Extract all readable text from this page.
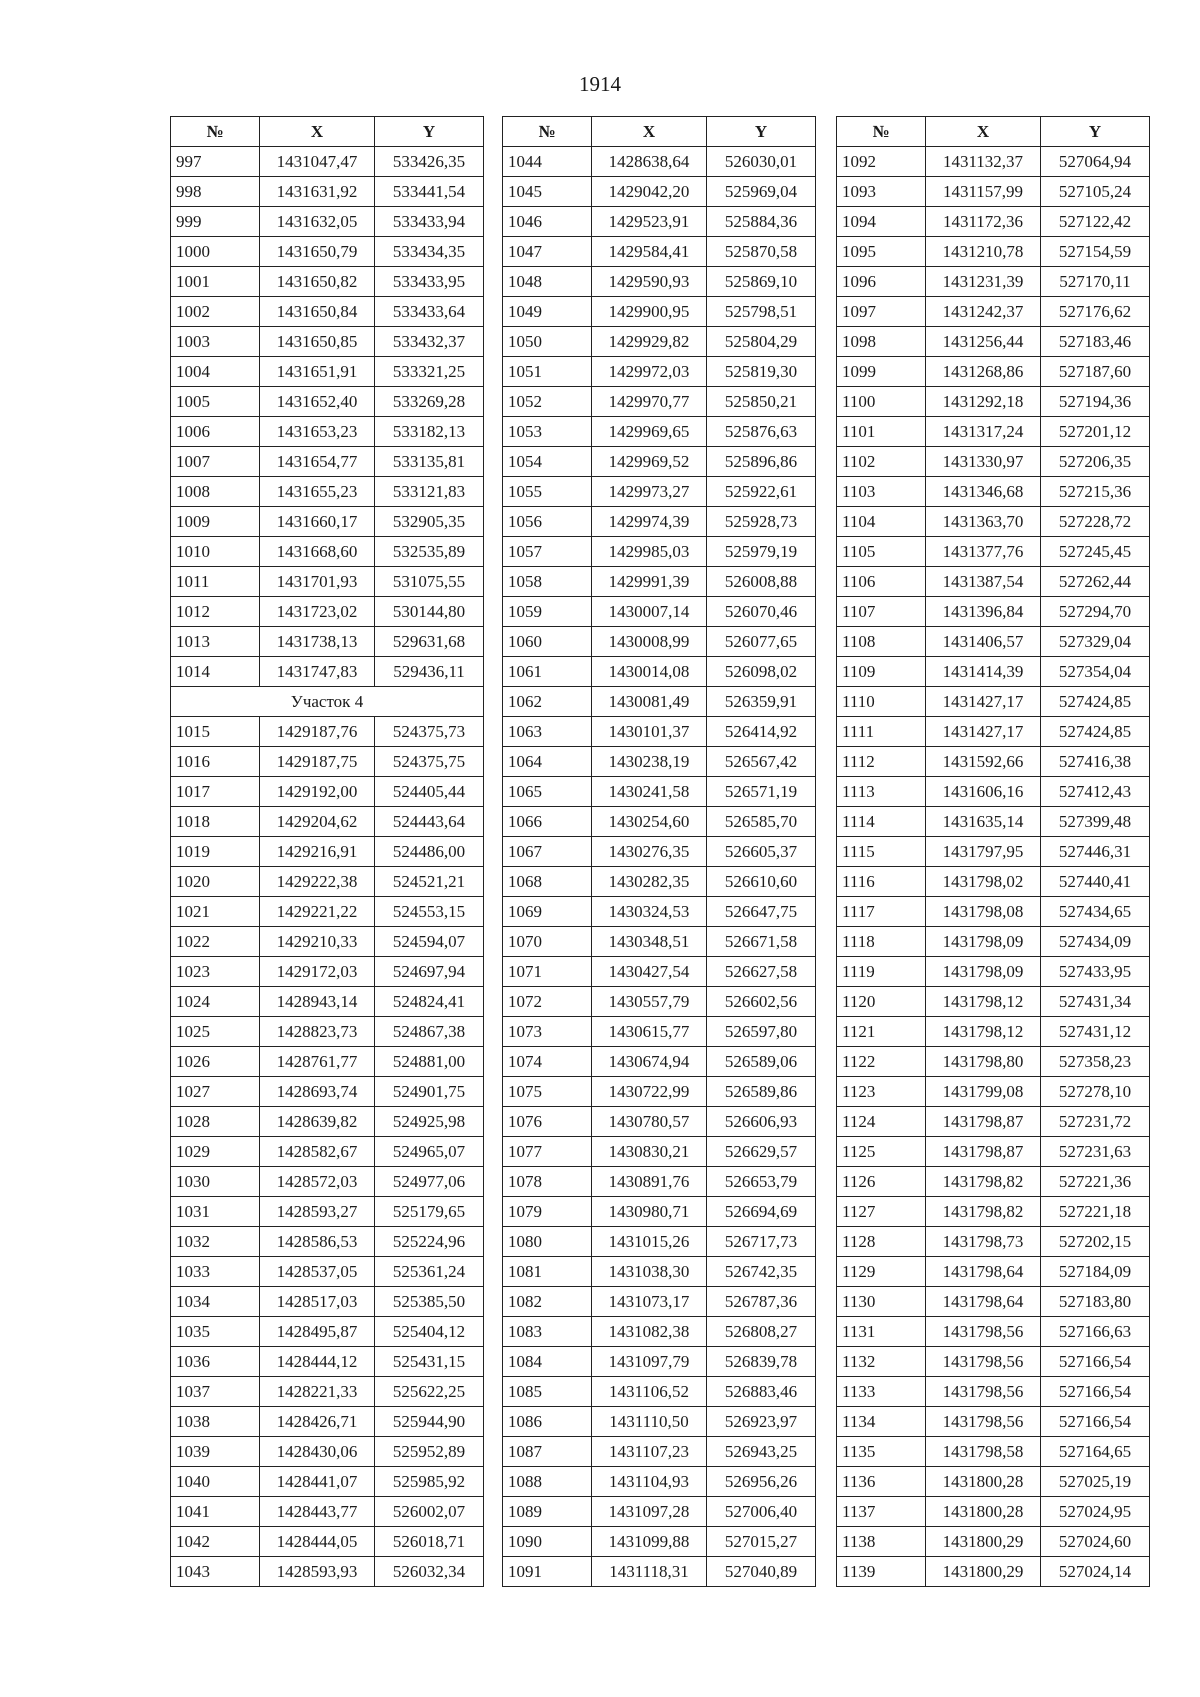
1914
№	X	Y
997	1431047,47	533426,35
998	1431631,92	533441,54
999	1431632,05	533433,94
1000	1431650,79	533434,35
1001	1431650,82	533433,95
1002	1431650,84	533433,64
1003	1431650,85	533432,37
1004	1431651,91	533321,25
1005	1431652,40	533269,28
1006	1431653,23	533182,13
1007	1431654,77	533135,81
1008	1431655,23	533121,83
1009	1431660,17	532905,35
1010	1431668,60	532535,89
1011	1431701,93	531075,55
1012	1431723,02	530144,80
1013	1431738,13	529631,68
1014	1431747,83	529436,11
Участок 4		
1015	1429187,76	524375,73
1016	1429187,75	524375,75
1017	1429192,00	524405,44
1018	1429204,62	524443,64
1019	1429216,91	524486,00
1020	1429222,38	524521,21
1021	1429221,22	524553,15
1022	1429210,33	524594,07
1023	1429172,03	524697,94
1024	1428943,14	524824,41
1025	1428823,73	524867,38
1026	1428761,77	524881,00
1027	1428693,74	524901,75
1028	1428639,82	524925,98
1029	1428582,67	524965,07
1030	1428572,03	524977,06
1031	1428593,27	525179,65
1032	1428586,53	525224,96
1033	1428537,05	525361,24
1034	1428517,03	525385,50
1035	1428495,87	525404,12
1036	1428444,12	525431,15
1037	1428221,33	525622,25
1038	1428426,71	525944,90
1039	1428430,06	525952,89
1040	1428441,07	525985,92
1041	1428443,77	526002,07
1042	1428444,05	526018,71
1043	1428593,93	526032,34
№	X	Y
1044	1428638,64	526030,01
1045	1429042,20	525969,04
1046	1429523,91	525884,36
1047	1429584,41	525870,58
1048	1429590,93	525869,10
1049	1429900,95	525798,51
1050	1429929,82	525804,29
1051	1429972,03	525819,30
1052	1429970,77	525850,21
1053	1429969,65	525876,63
1054	1429969,52	525896,86
1055	1429973,27	525922,61
1056	1429974,39	525928,73
1057	1429985,03	525979,19
1058	1429991,39	526008,88
1059	1430007,14	526070,46
1060	1430008,99	526077,65
1061	1430014,08	526098,02
1062	1430081,49	526359,91
1063	1430101,37	526414,92
1064	1430238,19	526567,42
1065	1430241,58	526571,19
1066	1430254,60	526585,70
1067	1430276,35	526605,37
1068	1430282,35	526610,60
1069	1430324,53	526647,75
1070	1430348,51	526671,58
1071	1430427,54	526627,58
1072	1430557,79	526602,56
1073	1430615,77	526597,80
1074	1430674,94	526589,06
1075	1430722,99	526589,86
1076	1430780,57	526606,93
1077	1430830,21	526629,57
1078	1430891,76	526653,79
1079	1430980,71	526694,69
1080	1431015,26	526717,73
1081	1431038,30	526742,35
1082	1431073,17	526787,36
1083	1431082,38	526808,27
1084	1431097,79	526839,78
1085	1431106,52	526883,46
1086	1431110,50	526923,97
1087	1431107,23	526943,25
1088	1431104,93	526956,26
1089	1431097,28	527006,40
1090	1431099,88	527015,27
1091	1431118,31	527040,89
№	X	Y
1092	1431132,37	527064,94
1093	1431157,99	527105,24
1094	1431172,36	527122,42
1095	1431210,78	527154,59
1096	1431231,39	527170,11
1097	1431242,37	527176,62
1098	1431256,44	527183,46
1099	1431268,86	527187,60
1100	1431292,18	527194,36
1101	1431317,24	527201,12
1102	1431330,97	527206,35
1103	1431346,68	527215,36
1104	1431363,70	527228,72
1105	1431377,76	527245,45
1106	1431387,54	527262,44
1107	1431396,84	527294,70
1108	1431406,57	527329,04
1109	1431414,39	527354,04
1110	1431427,17	527424,85
1111	1431427,17	527424,85
1112	1431592,66	527416,38
1113	1431606,16	527412,43
1114	1431635,14	527399,48
1115	1431797,95	527446,31
1116	1431798,02	527440,41
1117	1431798,08	527434,65
1118	1431798,09	527434,09
1119	1431798,09	527433,95
1120	1431798,12	527431,34
1121	1431798,12	527431,12
1122	1431798,80	527358,23
1123	1431799,08	527278,10
1124	1431798,87	527231,72
1125	1431798,87	527231,63
1126	1431798,82	527221,36
1127	1431798,82	527221,18
1128	1431798,73	527202,15
1129	1431798,64	527184,09
1130	1431798,64	527183,80
1131	1431798,56	527166,63
1132	1431798,56	527166,54
1133	1431798,56	527166,54
1134	1431798,56	527166,54
1135	1431798,58	527164,65
1136	1431800,28	527025,19
1137	1431800,28	527024,95
1138	1431800,29	527024,60
1139	1431800,29	527024,14
